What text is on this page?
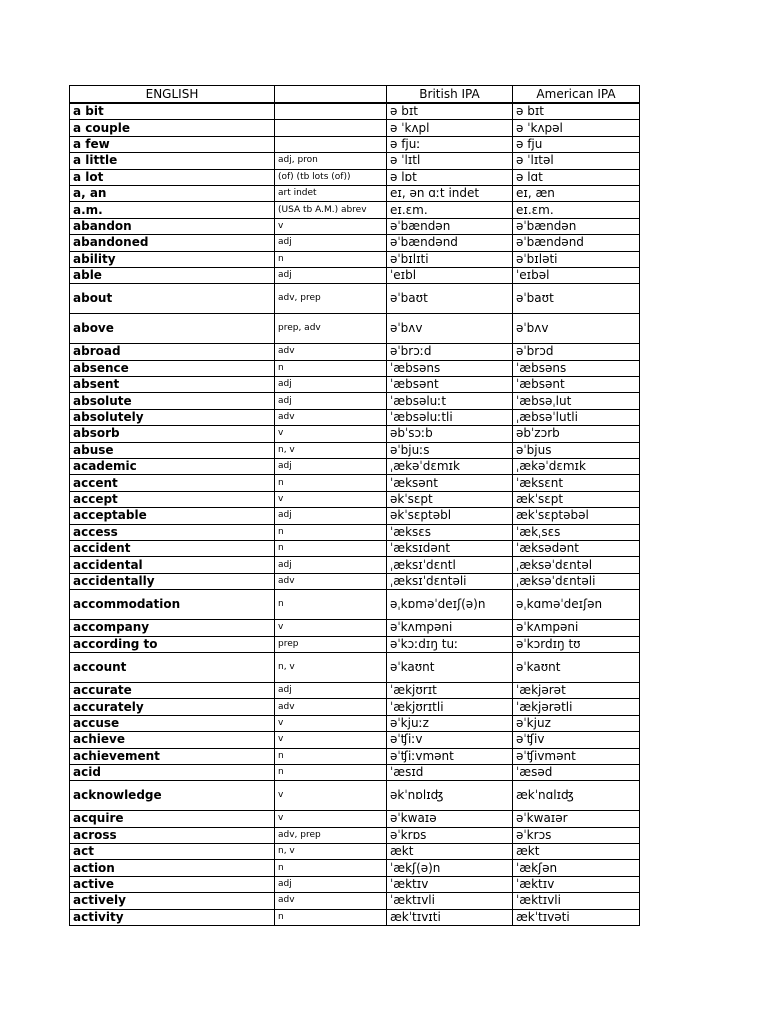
ENGLISH		British IPA	American IPA
a bit		ə bɪt	ə bɪt
a couple		ə ˈkʌpl	ə ˈkʌpəl
a few		ə fjuː	ə fju
a little	adj, pron	ə ˈlɪtl	ə ˈlɪtəl
a lot	(of) (tb lots (of))	ə lɒt	ə lɑt
a, an	art indet	eɪ, ən ɑːt indet	eɪ, æn
a.m.	(USA tb A.M.) abrev	eɪ.ɛm.	eɪ.ɛm.
abandon	v	əˈbændən	əˈbændən
abandoned	adj	əˈbændənd	əˈbændənd
ability	n	əˈbɪlɪti	əˈbɪləti
able	adj	ˈeɪbl	ˈeɪbəl
about	adv, prep	əˈbaʊt	əˈbaʊt
above	prep, adv	əˈbʌv	əˈbʌv
abroad	adv	əˈbrɔːd	əˈbrɔd
absence	n	ˈæbsəns	ˈæbsəns
absent	adj	ˈæbsənt	ˈæbsənt
absolute	adj	ˈæbsəluːt	ˈæbsəˌlut
absolutely	adv	ˈæbsəluːtli	ˌæbsəˈlutli
absorb	v	əbˈsɔːb	əbˈzɔrb
abuse	n, v	əˈbjuːs	əˈbjus
academic	adj	ˌækəˈdɛmɪk	ˌækəˈdɛmɪk
accent	n	ˈæksənt	ˈæksɛnt
accept	v	əkˈsɛpt	ækˈsɛpt
acceptable	adj	əkˈsɛptəbl	ækˈsɛptəbəl
access	n	ˈæksɛs	ˈækˌsɛs
accident	n	ˈæksɪdənt	ˈæksədənt
accidental	adj	ˌæksɪˈdɛntl	ˌæksəˈdɛntəl
accidentally	adv	ˌæksɪˈdɛntəli	ˌæksəˈdɛntəli
accommodation	n	əˌkɒməˈdeɪʃ(ə)n	əˌkɑməˈdeɪʃən
accompany	v	əˈkʌmpəni	əˈkʌmpəni
according to	prep	əˈkɔːdɪŋ tuː	əˈkɔrdɪŋ tʊ
account	n, v	əˈkaʊnt	əˈkaʊnt
accurate	adj	ˈækjʊrɪt	ˈækjərət
accurately	adv	ˈækjʊrɪtli	ˈækjərətli
accuse	v	əˈkjuːz	əˈkjuz
achieve	v	əˈʧiːv	əˈʧiv
achievement	n	əˈʧiːvmənt	əˈʧivmənt
acid	n	ˈæsɪd	ˈæsəd
acknowledge	v	əkˈnɒlɪʤ	ækˈnɑlɪʤ
acquire	v	əˈkwaɪə	əˈkwaɪər
across	adv, prep	əˈkrɒs	əˈkrɔs
act	n, v	ækt	ækt
action	n	ˈækʃ(ə)n	ˈækʃən
active	adj	ˈæktɪv	ˈæktɪv
actively	adv	ˈæktɪvli	ˈæktɪvli
activity	n	ækˈtɪvɪti	ækˈtɪvəti
